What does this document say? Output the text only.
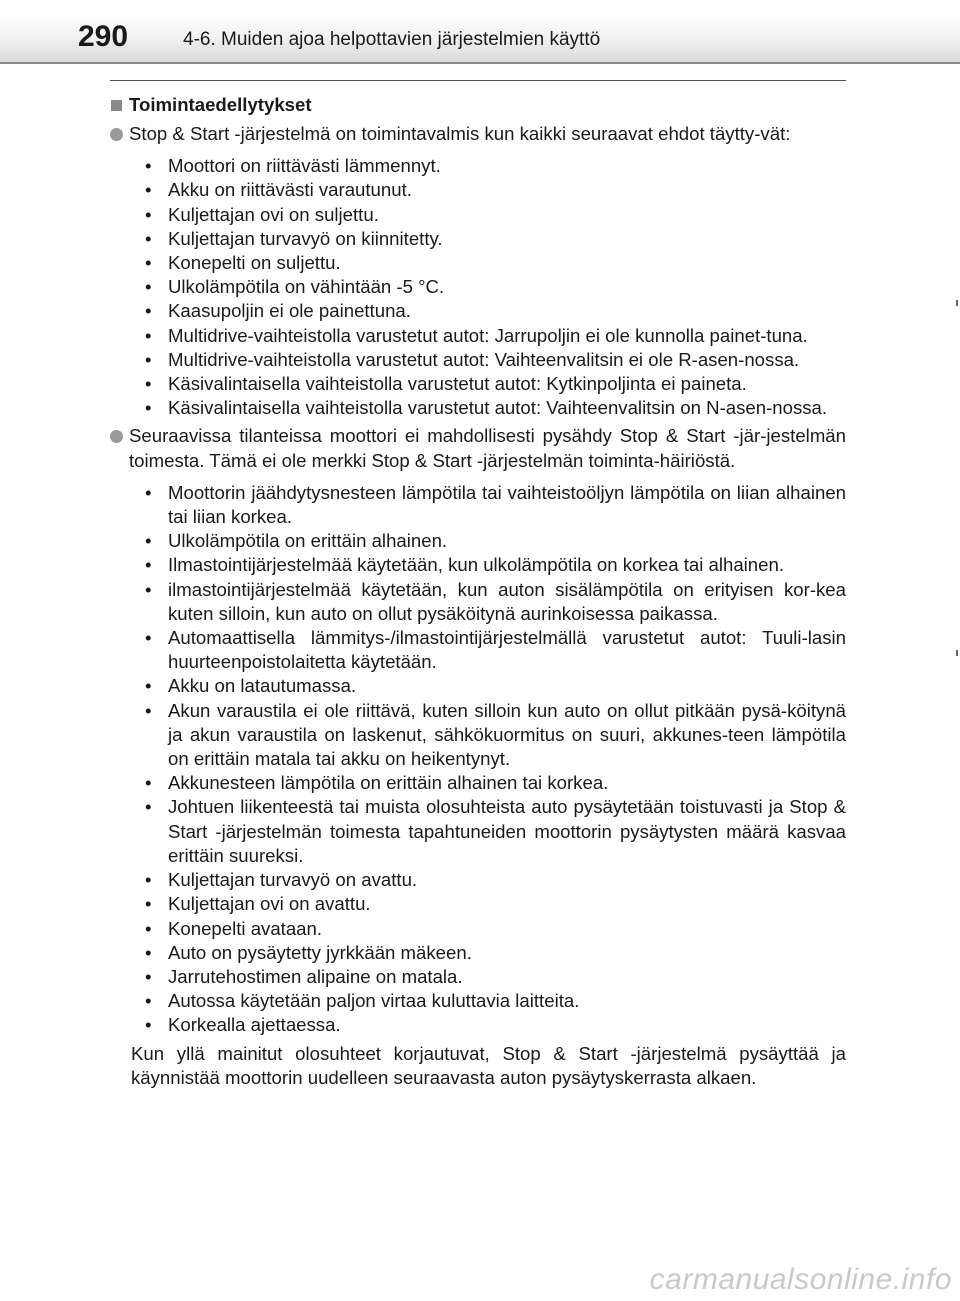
290	4-6. Muiden ajoa helpottavien järjestelmien käyttö
Toimintaedellytykset
Stop & Start -järjestelmä on toimintavalmis kun kaikki seuraavat ehdot täytty-vät:
• Moottori on riittävästi lämmennyt.
• Akku on riittävästi varautunut.
• Kuljettajan ovi on suljettu.
• Kuljettajan turvavyö on kiinnitetty.
• Konepelti on suljettu.
• Ulkolämpötila on vähintään -5 °C.
• Kaasupoljin ei ole painettuna.
• Multidrive-vaihteistolla varustetut autot: Jarrupoljin ei ole kunnolla painet-tuna.
• Multidrive-vaihteistolla varustetut autot: Vaihteenvalitsin ei ole R-asen-nossa.
• Käsivalintaisella vaihteistolla varustetut autot: Kytkinpoljinta ei paineta.
• Käsivalintaisella vaihteistolla varustetut autot: Vaihteenvalitsin on N-asen-nossa.
Seuraavissa tilanteissa moottori ei mahdollisesti pysähdy Stop & Start -jär-jestelmän toimesta. Tämä ei ole merkki Stop & Start -järjestelmän toiminta-häiriöstä.
• Moottorin jäähdytysnesteen lämpötila tai vaihteistoöljyn lämpötila on liian alhainen tai liian korkea.
• Ulkolämpötila on erittäin alhainen.
• Ilmastointijärjestelmää käytetään, kun ulkolämpötila on korkea tai alhainen.
• ilmastointijärjestelmää käytetään, kun auton sisälämpötila on erityisen kor-kea kuten silloin, kun auto on ollut pysäköitynä aurinkoisessa paikassa.
• Automaattisella lämmitys-/ilmastointijärjestelmällä varustetut autot: Tuuli-lasin huurteenpoistolaitetta käytetään.
• Akku on latautumassa.
• Akun varaustila ei ole riittävä, kuten silloin kun auto on ollut pitkään pysä-köitynä ja akun varaustila on laskenut, sähkökuormitus on suuri, akkunes-teen lämpötila on erittäin matala tai akku on heikentynyt.
• Akkunesteen lämpötila on erittäin alhainen tai korkea.
• Johtuen liikenteestä tai muista olosuhteista auto pysäytetään toistuvasti ja Stop & Start -järjestelmän toimesta tapahtuneiden moottorin pysäytysten määrä kasvaa erittäin suureksi.
• Kuljettajan turvavyö on avattu.
• Kuljettajan ovi on avattu.
• Konepelti avataan.
• Auto on pysäytetty jyrkkään mäkeen.
• Jarrutehostimen alipaine on matala.
• Autossa käytetään paljon virtaa kuluttavia laitteita.
• Korkealla ajettaessa.
Kun yllä mainitut olosuhteet korjautuvat, Stop & Start -järjestelmä pysäyttää ja käynnistää moottorin uudelleen seuraavasta auton pysäytyskerrasta alkaen.
carmanualsonline.info
